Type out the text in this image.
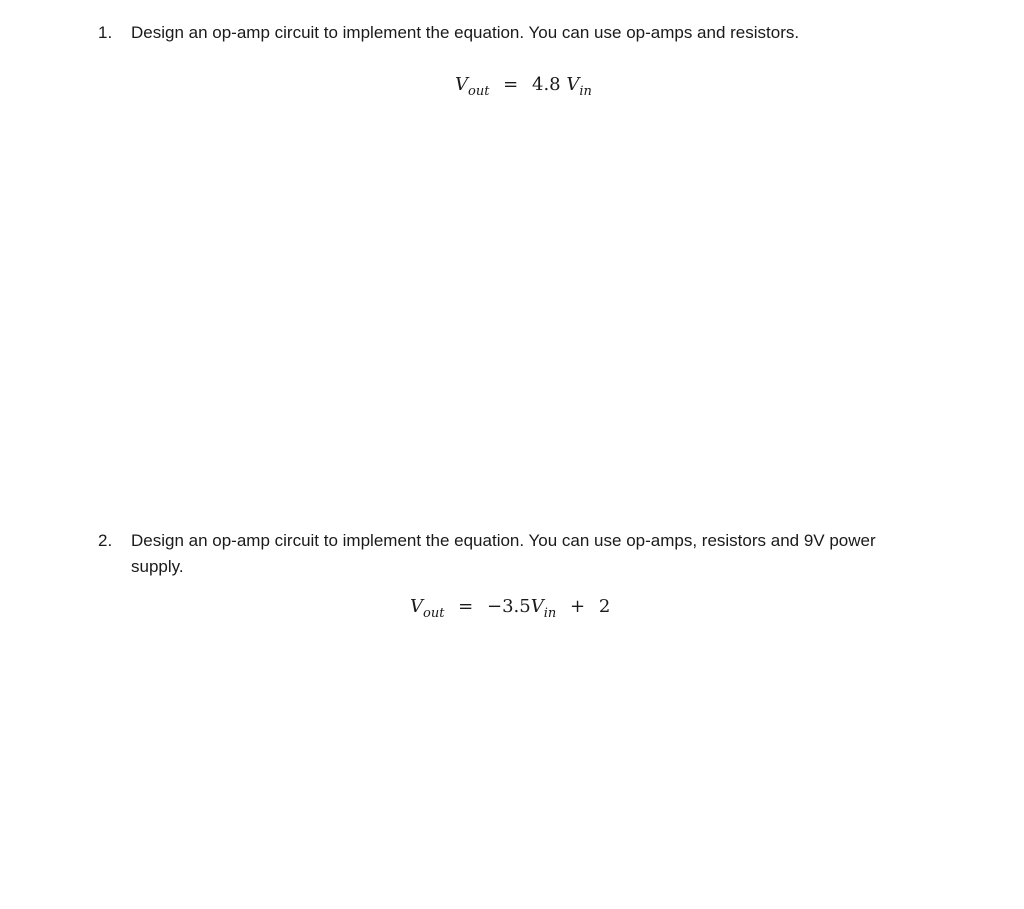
1.	Design an op-amp circuit to implement the equation. You can use op-amps and resistors.
$V_{out} = 4.8$ $V_{in}$
2.	Design an op-amp circuit to implement the equation. You can use op-amps, resistors and 9V power supply.
$V_{out} = -3.5V_{in} + 2$
